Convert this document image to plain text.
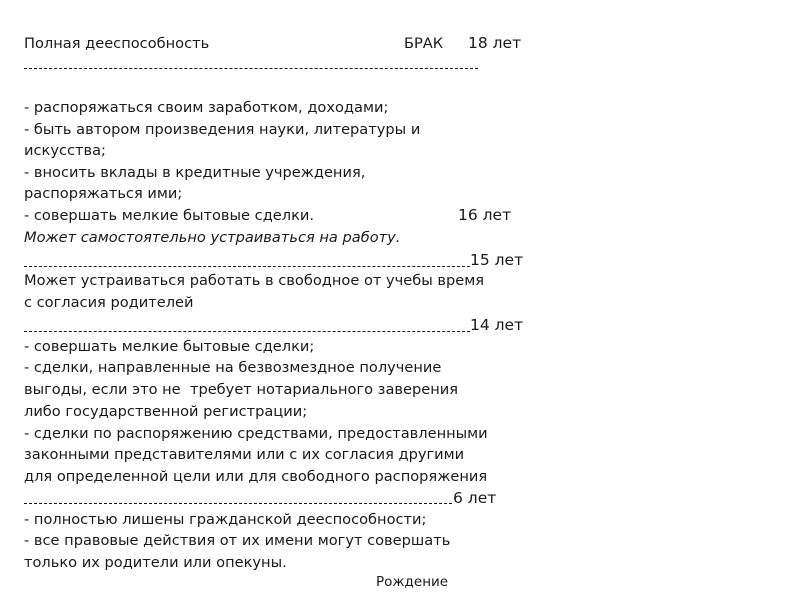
Полная дееспособность	БРАК 18 лет
- распоряжаться своим заработком, доходами;
- быть автором произведения науки, литературы и
искусства;
- вносить вклады в кредитные учреждения,
распоряжаться ими;
- совершать мелкие бытовые сделки.	16 лет
Может самостоятельно устраиваться на работу.
15 лет
Может устраиваться работать в свободное от учебы время
с согласия родителей
14 лет
- совершать мелкие бытовые сделки;
- сделки, направленные на безвозмездное получение
выгоды, если это не  требует нотариального заверения
либо государственной регистрации;
- сделки по распоряжению средствами, предоставленными
законными представителями или с их согласия другими
для определенной цели или для свободного распоряжения
6 лет
- полностью лишены гражданской дееспособности;
- все правовые действия от их имени могут совершать
только их родители или опекуны.
Рождение
